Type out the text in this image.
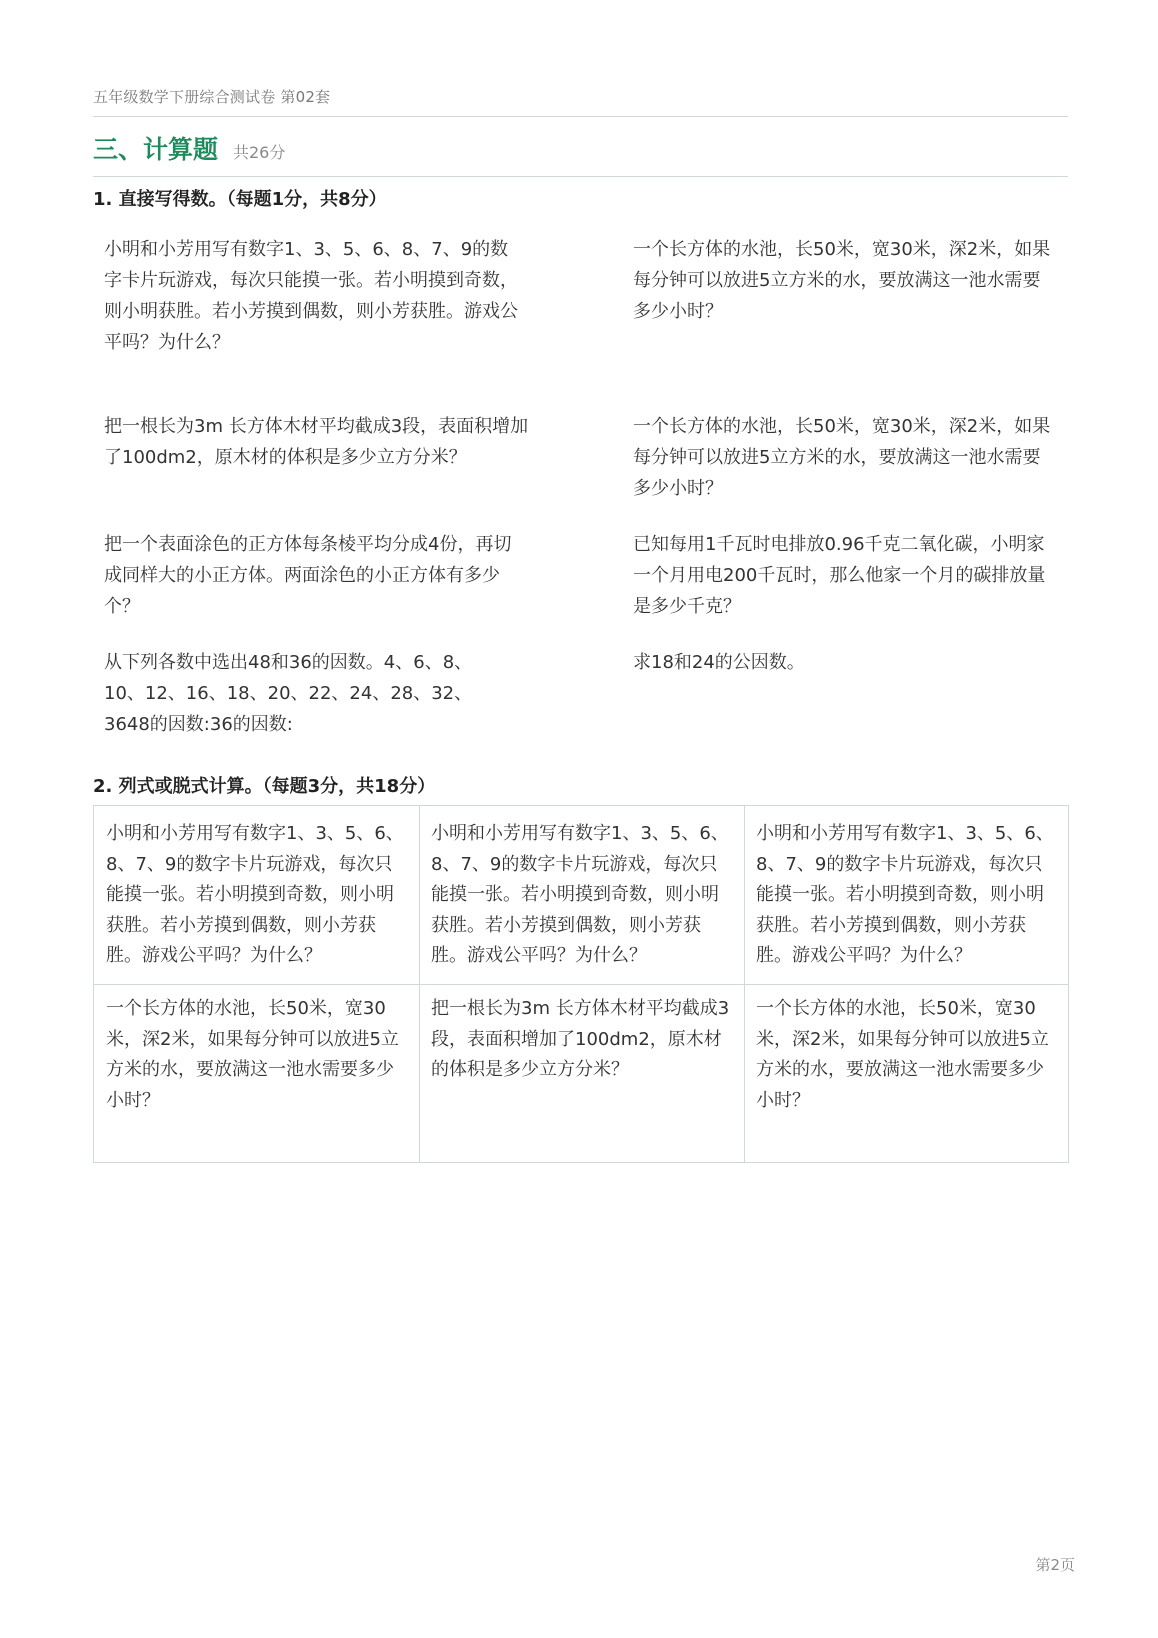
五年级数学下册综合测试卷 第02套
三、计算题 共26分
1. 直接写得数。（每题1分，共8分）
小明和小芳用写有数字1、3、5、6、8、7、9的数字卡片玩游戏，每次只能摸一张。若小明摸到奇数，则小明获胜。若小芳摸到偶数，则小芳获胜。游戏公平吗？为什么？
一个长方体的水池，长50米，宽30米，深2米，如果每分钟可以放进5立方米的水，要放满这一池水需要多少小时？
把一根长为3m 长方体木材平均截成3段，表面积增加了100dm2，原木材的体积是多少立方分米？
一个长方体的水池，长50米，宽30米，深2米，如果每分钟可以放进5立方米的水，要放满这一池水需要多少小时？
把一个表面涂色的正方体每条棱平均分成4份，再切成同样大的小正方体。两面涂色的小正方体有多少个？
已知每用1千瓦时电排放0.96千克二氧化碳，小明家一个月用电200千瓦时，那么他家一个月的碳排放量是多少千克？
从下列各数中选出48和36的因数。4、6、8、10、12、16、18、20、22、24、28、32、3648的因数:36的因数:
求18和24的公因数。
2. 列式或脱式计算。（每题3分，共18分）
小明和小芳用写有数字1、3、5、6、8、7、9的数字卡片玩游戏，每次只能摸一张。若小明摸到奇数，则小明获胜。若小芳摸到偶数，则小芳获胜。游戏公平吗？为什么？
小明和小芳用写有数字1、3、5、6、8、7、9的数字卡片玩游戏，每次只能摸一张。若小明摸到奇数，则小明获胜。若小芳摸到偶数，则小芳获胜。游戏公平吗？为什么？
小明和小芳用写有数字1、3、5、6、8、7、9的数字卡片玩游戏，每次只能摸一张。若小明摸到奇数，则小明获胜。若小芳摸到偶数，则小芳获胜。游戏公平吗？为什么？
一个长方体的水池，长50米，宽30米，深2米，如果每分钟可以放进5立方米的水，要放满这一池水需要多少小时？
把一根长为3m 长方体木材平均截成3段，表面积增加了100dm2，原木材的体积是多少立方分米？
一个长方体的水池，长50米，宽30米，深2米，如果每分钟可以放进5立方米的水，要放满这一池水需要多少小时？
第2页
